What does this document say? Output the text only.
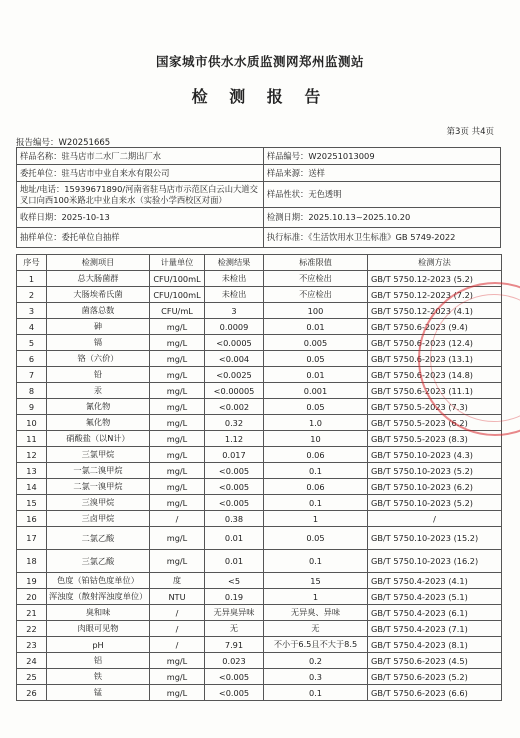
国家城市供水水质监测网郑州监测站
检 测 报 告
第3页 共4页
报告编号：W20251665
样品名称：驻马店市二水厂二期出厂水	样品编号：W20251013009
委托单位：驻马店市中业自来水有限公司	样品来源：送样
地址/电话：15939671890/河南省驻马店市示范区白云山大道交
叉口向西100米路北中业自来水（实验小学西校区对面）	样品性状：无色透明
收样日期：2025-10-13	检测日期：2025.10.13~2025.10.20
抽样单位：委托单位自抽样	执行标准：《生活饮用水卫生标准》GB 5749-2022
序号	检测项目	计量单位	检测结果	标准限值	检测方法
1	总大肠菌群	CFU/100mL	未检出	不应检出	GB/T 5750.12-2023 (5.2)
2	大肠埃希氏菌	CFU/100mL	未检出	不应检出	GB/T 5750.12-2023 (7.2)
3	菌落总数	CFU/mL	3	100	GB/T 5750.12-2023 (4.1)
4	砷	mg/L	0.0009	0.01	GB/T 5750.6-2023 (9.4)
5	镉	mg/L	<0.0005	0.005	GB/T 5750.6-2023 (12.4)
6	铬（六价）	mg/L	<0.004	0.05	GB/T 5750.6-2023 (13.1)
7	铅	mg/L	<0.0025	0.01	GB/T 5750.6-2023 (14.8)
8	汞	mg/L	<0.00005	0.001	GB/T 5750.6-2023 (11.1)
9	氰化物	mg/L	<0.002	0.05	GB/T 5750.5-2023 (7.3)
10	氟化物	mg/L	0.32	1.0	GB/T 5750.5-2023 (6.2)
11	硝酸盐（以N计）	mg/L	1.12	10	GB/T 5750.5-2023 (8.3)
12	三氯甲烷	mg/L	0.017	0.06	GB/T 5750.10-2023 (4.3)
13	一氯二溴甲烷	mg/L	<0.005	0.1	GB/T 5750.10-2023 (5.2)
14	二氯一溴甲烷	mg/L	<0.005	0.06	GB/T 5750.10-2023 (6.2)
15	三溴甲烷	mg/L	<0.005	0.1	GB/T 5750.10-2023 (5.2)
16	三卤甲烷	/	0.38	1	/
17	二氯乙酸	mg/L	0.01	0.05	GB/T 5750.10-2023 (15.2)
18	三氯乙酸	mg/L	0.01	0.1	GB/T 5750.10-2023 (16.2)
19	色度（铂钴色度单位）	度	<5	15	GB/T 5750.4-2023 (4.1)
20	浑浊度（散射浑浊度单位）	NTU	0.19	1	GB/T 5750.4-2023 (5.1)
21	臭和味	/	无异臭异味	无异臭、异味	GB/T 5750.4-2023 (6.1)
22	肉眼可见物	/	无	无	GB/T 5750.4-2023 (7.1)
23	pH	/	7.91	不小于6.5且不大于8.5	GB/T 5750.4-2023 (8.1)
24	铝	mg/L	0.023	0.2	GB/T 5750.6-2023 (4.5)
25	铁	mg/L	<0.005	0.3	GB/T 5750.6-2023 (5.2)
26	锰	mg/L	<0.005	0.1	GB/T 5750.6-2023 (6.6)
